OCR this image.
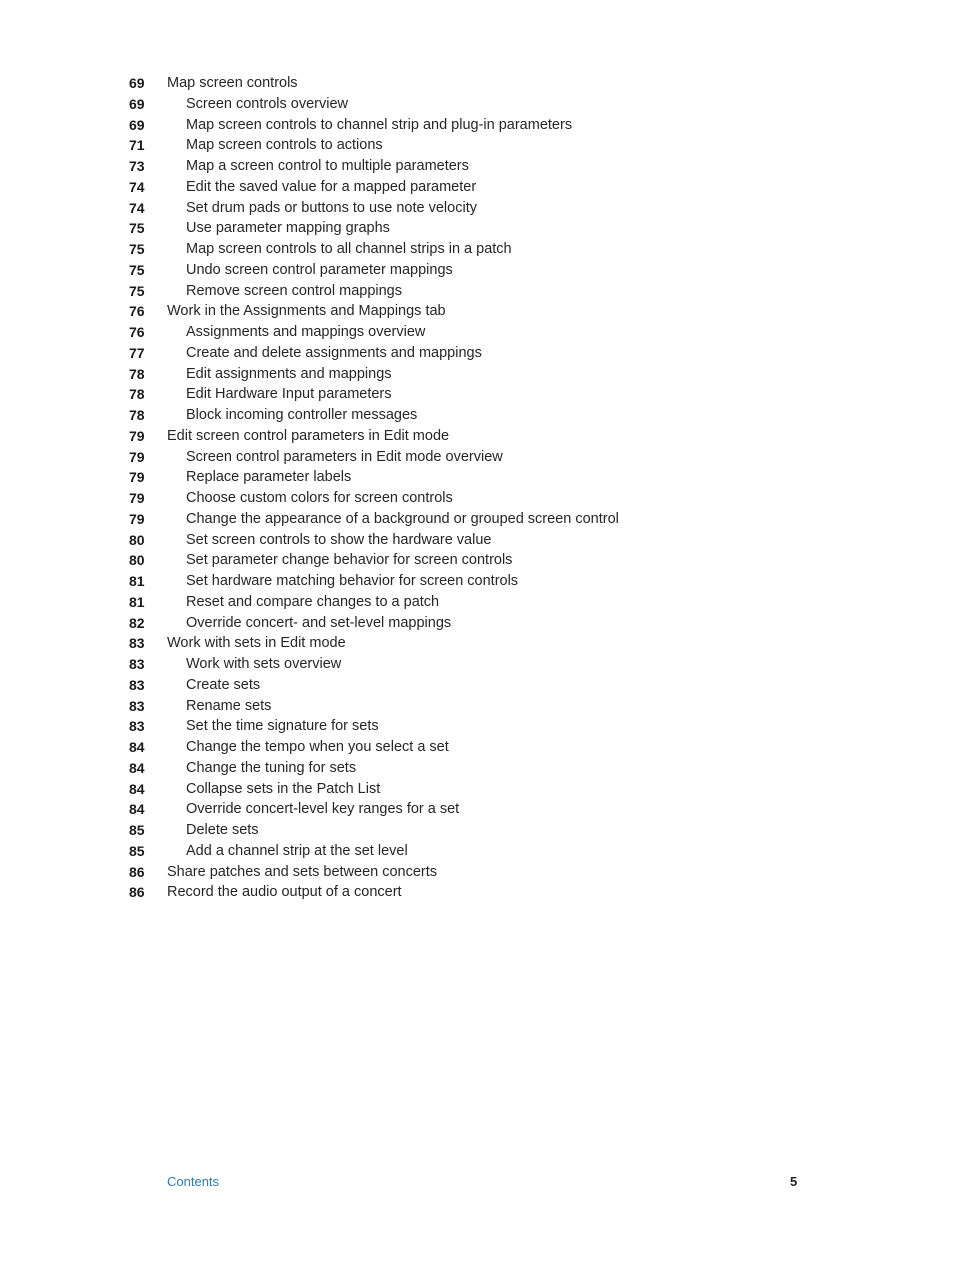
69	Map screen controls
69	Screen controls overview
69	Map screen controls to channel strip and plug-in parameters
71	Map screen controls to actions
73	Map a screen control to multiple parameters
74	Edit the saved value for a mapped parameter
74	Set drum pads or buttons to use note velocity
75	Use parameter mapping graphs
75	Map screen controls to all channel strips in a patch
75	Undo screen control parameter mappings
75	Remove screen control mappings
76	Work in the Assignments and Mappings tab
76	Assignments and mappings overview
77	Create and delete assignments and mappings
78	Edit assignments and mappings
78	Edit Hardware Input parameters
78	Block incoming controller messages
79	Edit screen control parameters in Edit mode
79	Screen control parameters in Edit mode overview
79	Replace parameter labels
79	Choose custom colors for screen controls
79	Change the appearance of a background or grouped screen control
80	Set screen controls to show the hardware value
80	Set parameter change behavior for screen controls
81	Set hardware matching behavior for screen controls
81	Reset and compare changes to a patch
82	Override concert- and set-level mappings
83	Work with sets in Edit mode
83	Work with sets overview
83	Create sets
83	Rename sets
83	Set the time signature for sets
84	Change the tempo when you select a set
84	Change the tuning for sets
84	Collapse sets in the Patch List
84	Override concert-level key ranges for a set
85	Delete sets
85	Add a channel strip at the set level
86	Share patches and sets between concerts
86	Record the audio output of a concert
Contents	5
